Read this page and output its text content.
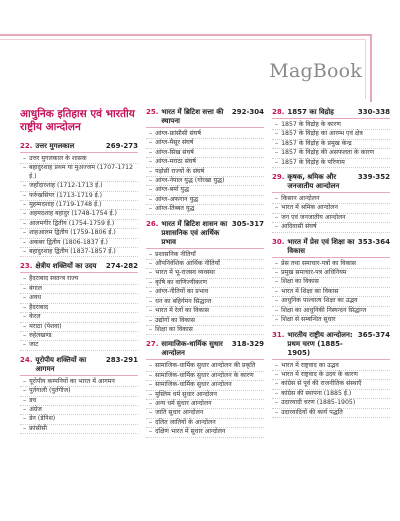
MagBook
आधुनिक इतिहास एवं भारतीय राष्ट्रीय आन्दोलन
22. उत्तर मुगलकाल	269-273
– उत्तर मुगलकाल के शासक
– बहादुरशाह प्रथम या मुअज्जम (1707-1712 ई.)
– जहाँदारशाह (1712-1713 ई.)
– फर्रुखसियर (1713-1719 ई.)
– मुहम्मदशाह (1719-1748 ई.)
– अहमदशाह बहादुर (1748-1754 ई.)
– आलमगीर द्वितीय (1754-1759 ई.)
– शाहआलम द्वितीय (1759-1806 ई.)
– अकबर द्वितीय (1806-1837 ई.)
– बहादुरशाह द्वितीय (1837-1857 ई.)
23. क्षेत्रीय शक्तियों का उदय	274-282
– हैदराबाद स्वतन्त्र राज्य
– बंगाल
– अवध
– हैदराबाद
– केरल
– मराठा (पेशवा)
– रुहेलखण्ड
– जाट
24. यूरोपीय शक्तियों का आगमन
283-291
– यूरोपीय कम्पनियों का भारत में आगमन
– पुर्तगाली (पुर्तगीज)
– डच
– अंग्रेज
– डेन (डेनिश)
– फ्रांसीसी
25. भारत में ब्रिटिश सत्ता की स्थापना
292-304
– आंग्ल-फ्रांसीसी संघर्ष
– आंग्ल-मैसूर संघर्ष
– आंग्ल-सिख संघर्ष
– आंग्ल-मराठा संघर्ष
– पड़ोसी राज्यों के संघर्ष
– आंग्ल-नेपाल युद्ध (गोरखा युद्ध)
– आंग्ल-बर्मा युद्ध
– आंग्ल-अफगान युद्ध
– आंग्ल-तिब्बत युद्ध
26. भारत में ब्रिटिश शासन का प्रशासनिक एवं आर्थिक प्रभाव
305-317
– प्रशासनिक नीतियाँ
– औपनिवेशिक आर्थिक नीतियाँ
– भारत में भू-राजस्व व्यवस्था
– कृषि का वाणिज्यीकरण
– आंग्ल-नीतियों का प्रभाव
– धन का बहिर्गमन सिद्धान्त
– भारत में रेलों का विकास
– उद्योगों का विकास
– शिक्षा का विकास
27. सामाजिक-धार्मिक सुधार आन्दोलन
318-329
– सामाजिक-धार्मिक सुधार आन्दोलन की प्रकृति
– सामाजिक-धार्मिक सुधार आन्दोलन के कारण
– सामाजिक-धार्मिक सुधार आन्दोलन
– मुस्लिम धर्म सुधार आन्दोलन
– अन्य धर्म सुधार आन्दोलन
– जाति सुधार आन्दोलन
– दलित जातियों के आन्दोलन
– दक्षिण भारत में सुधार आन्दोलन
28. 1857 का विद्रोह	330-338
– 1857 के विद्रोह के कारण
– 1857 के विद्रोह का आरम्भ एवं क्षेत्र
– 1857 के विद्रोह के प्रमुख केन्द्र
– 1857 के विद्रोह की असफलता के कारण
– 1857 के विद्रोह के परिणाम
29. कृषक, श्रमिक और जनजातीय आन्दोलन
339-352
– किसान आन्दोलन
– भारत में श्रमिक आन्दोलन
– जन एवं जनजातीय आन्दोलन
– आदिवासी संघर्ष
30. भारत में प्रेस एवं शिक्षा का विकास
353-364
– प्रेस तथा समाचार-पत्रों का विकास
– प्रमुख समाचार-पत्र अधिनियम
– शिक्षा का विकास
– भारत में शिक्षा का विकास
– आधुनिक पाश्चात्य शिक्षा का उद्भव
– शिक्षा का आधुनिकी निस्यन्दन सिद्धान्त
– शिक्षा से सम्बन्धित सुधार
31. भारतीय राष्ट्रीय आन्दोलन: प्रथम चरण (1885-1905)
365-374
– भारत में राष्ट्रवाद का उद्भव
– भारत में राष्ट्रवाद के उदय के कारण
– कांग्रेस से पूर्व की राजनीतिक संस्थाएँ
– कांग्रेस की स्थापना (1885 ई.)
– उदारवादी चरण (1885-1905)
– उदारवादियों की कार्य पद्धति
